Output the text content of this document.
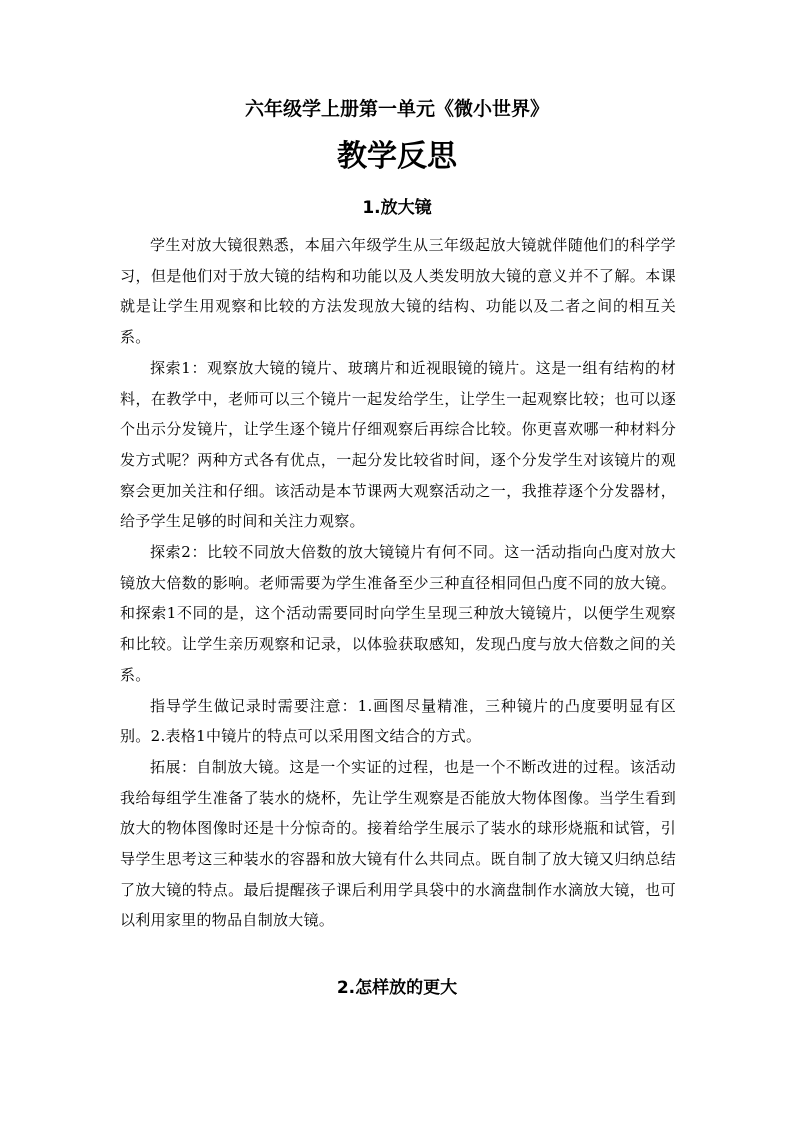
六年级学上册第一单元《微小世界》
教学反思
1.放大镜

学生对放大镜很熟悉，本届六年级学生从三年级起放大镜就伴随他们的科学学习，但是他们对于放大镜的结构和功能以及人类发明放大镜的意义并不了解。本课就是让学生用观察和比较的方法发现放大镜的结构、功能以及二者之间的相互关系。

探索1：观察放大镜的镜片、玻璃片和近视眼镜的镜片。这是一组有结构的材料，在教学中，老师可以三个镜片一起发给学生，让学生一起观察比较；也可以逐个出示分发镜片，让学生逐个镜片仔细观察后再综合比较。你更喜欢哪一种材料分发方式呢？两种方式各有优点，一起分发比较省时间，逐个分发学生对该镜片的观察会更加关注和仔细。该活动是本节课两大观察活动之一，我推荐逐个分发器材，给予学生足够的时间和关注力观察。

探索2：比较不同放大倍数的放大镜镜片有何不同。这一活动指向凸度对放大镜放大倍数的影响。老师需要为学生准备至少三种直径相同但凸度不同的放大镜。和探索1不同的是，这个活动需要同时向学生呈现三种放大镜镜片，以便学生观察和比较。让学生亲历观察和记录，以体验获取感知，发现凸度与放大倍数之间的关系。

指导学生做记录时需要注意：1.画图尽量精准，三种镜片的凸度要明显有区别。2.表格1中镜片的特点可以采用图文结合的方式。

拓展：自制放大镜。这是一个实证的过程，也是一个不断改进的过程。该活动我给每组学生准备了装水的烧杯，先让学生观察是否能放大物体图像。当学生看到放大的物体图像时还是十分惊奇的。接着给学生展示了装水的球形烧瓶和试管，引导学生思考这三种装水的容器和放大镜有什么共同点。既自制了放大镜又归纳总结了放大镜的特点。最后提醒孩子课后利用学具袋中的水滴盘制作水滴放大镜，也可以利用家里的物品自制放大镜。

2.怎样放的更大
